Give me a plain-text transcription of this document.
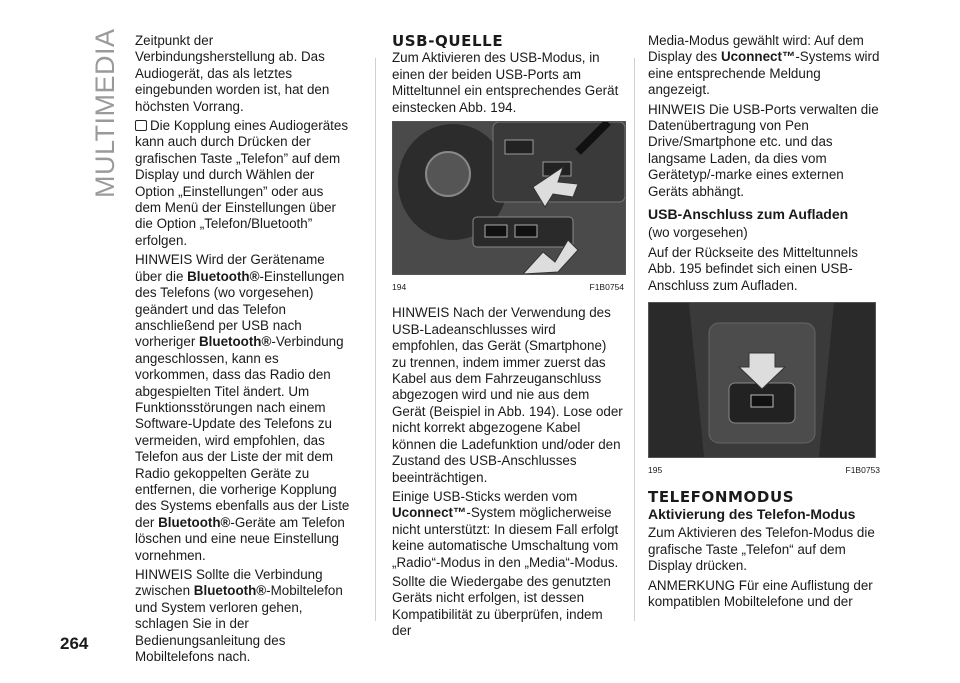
MULTIMEDIA Zeitpunkt der Verbindungsherstellung ab. Das Audiogerät, das als letztes eingebunden worden ist, hat den höchsten Vorrang.

Die Kopplung eines Audiogerätes kann auch durch Drücken der grafischen Taste „Telefon” auf dem Display und durch Wählen der Option „Einstellungen” oder aus dem Menü der Einstellungen über die Option „Telefon/Bluetooth” erfolgen.

HINWEIS Wird der Gerätename über die Bluetooth®-Einstellungen des Telefons (wo vorgesehen) geändert und das Telefon anschließend per USB nach vorheriger Bluetooth®-Verbindung angeschlossen, kann es vorkommen, dass das Radio den abgespielten Titel ändert. Um Funktionsstörungen nach einem Software-Update des Telefons zu vermeiden, wird empfohlen, das Telefon aus der Liste der mit dem Radio gekoppelten Geräte zu entfernen, die vorherige Kopplung des Systems ebenfalls aus der Liste der Bluetooth®-Geräte am Telefon löschen und eine neue Einstellung vornehmen.

HINWEIS Sollte die Verbindung zwischen Bluetooth®-Mobiltelefon und System verloren gehen, schlagen Sie in der Bedienungsanleitung des Mobiltelefons nach.

USB-QUELLE

Zum Aktivieren des USB-Modus, in einen der beiden USB-Ports am Mitteltunnel ein entsprechendes Gerät einstecken Abb. 194.

194	F1B0754

HINWEIS Nach der Verwendung des USB-Ladeanschlusses wird empfohlen, das Gerät (Smartphone) zu trennen, indem immer zuerst das Kabel aus dem Fahrzeuganschluss abgezogen wird und nie aus dem Gerät (Beispiel in Abb. 194). Lose oder nicht korrekt abgezogene Kabel können die Ladefunktion und/oder den Zustand des USB-Anschlusses beeinträchtigen.

Einige USB-Sticks werden vom Uconnect™-System möglicherweise nicht unterstützt: In diesem Fall erfolgt keine automatische Umschaltung vom „Radio“-Modus in den „Media“-Modus.

Sollte die Wiedergabe des genutzten Geräts nicht erfolgen, ist dessen Kompatibilität zu überprüfen, indem der

Media-Modus gewählt wird: Auf dem Display des Uconnect™-Systems wird eine entsprechende Meldung angezeigt.

HINWEIS Die USB-Ports verwalten die Datenübertragung von Pen Drive/Smartphone etc. und das langsame Laden, da dies vom Gerätetyp/-marke eines externen Geräts abhängt.

USB-Anschluss zum Aufladen

(wo vorgesehen)

Auf der Rückseite des Mitteltunnels Abb. 195 befindet sich einen USB-Anschluss zum Aufladen.

195	F1B0753
TELEFONMODUS
Aktivierung des Telefon-Modus

Zum Aktivieren des Telefon-Modus die grafische Taste „Telefon“ auf dem Display drücken.

ANMERKUNG Für eine Auflistung der kompatiblen Mobiltelefone und der

264
